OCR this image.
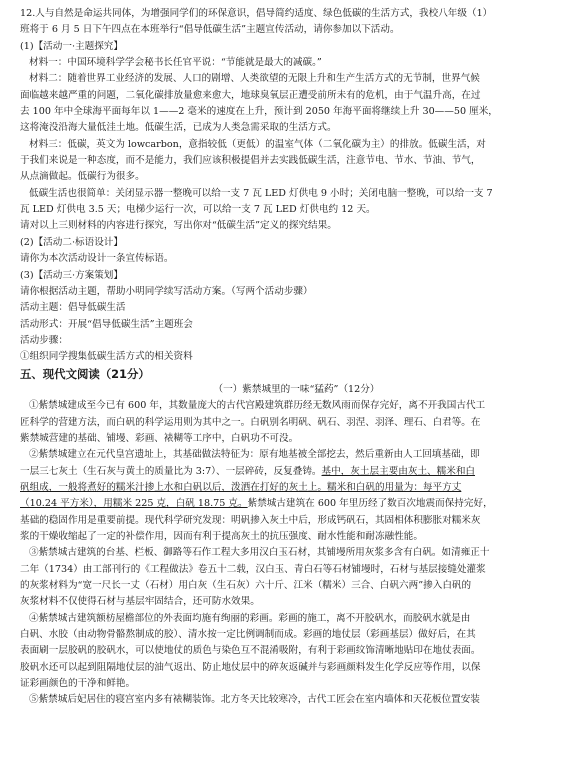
12.人与自然是命运共同体，为增强同学们的环保意识，倡导简约适度、绿色低碳的生活方式，我校八年级（1）
班将于 6 月 5 日下午四点在本班举行“倡导低碳生活”主题宣传活动，请你参加以下活动。
(1)【活动一·主题探究】
材料一：中国环境科学学会秘书长任官平说：“节能就是最大的减碳。”
材料二：随着世界工业经济的发展、人口的剧增、人类欲望的无限上升和生产生活方式的无节制，世界气候
面临越来越严重的问题，二氧化碳排放量愈来愈大，地球臭氧层正遭受前所未有的危机，由于气温升高，在过
去 100 年中全球海平面每年以 1——2 毫米的速度在上升，预计到 2050 年海平面将继续上升 30——50 厘米，
这将淹没沿海大量低洼土地。低碳生活，已成为人类急需采取的生活方式。
材料三：低碳，英文为 lowcarbon，意指较低（更低）的温室气体（二氧化碳为主）的排放。低碳生活，对
于我们来说是一种态度，而不是能力，我们应该积极提倡并去实践低碳生活，注意节电、节水、节油、节气，
从点滴做起。低碳行为很多。
低碳生活也很简单：关闭显示器一整晚可以给一支 7 瓦 LED 灯供电 9 小时；关闭电脑一整晚，可以给一支 7
瓦 LED 灯供电 3.5 天；电梯少运行一次，可以给一支 7 瓦 LED 灯供电约 12 天。
请对以上三则材料的内容进行探究，写出你对“低碳生活”定义的探究结果。
(2)【活动二·标语设计】
请你为本次活动设计一条宣传标语。
(3)【活动三·方案策划】
请你根据活动主题，帮助小明同学续写活动方案。（写两个活动步骤）
活动主题：倡导低碳生活
活动形式：开展“倡导低碳生活”主题班会
活动步骤：
①组织同学搜集低碳生活方式的相关资料
五、现代文阅读（21分）
（一）紫禁城里的一味“猛药”（12分）
①紫禁城建成至今已有 600 年，其数量庞大的古代宫殿建筑群历经无数风雨而保存完好，离不开我国古代工
匠科学的营建方法，而白矾的科学运用则为其中之一。白矾别名明矾、矾石、羽涅、羽泽、理石、白君等。在
紫禁城营建的基础、铺墁、彩画、裱糊等工序中，白矾功不可没。
②紫禁城建立在元代皇宫遗址上，其基础做法特征为：原有地基被全部挖去，然后重新由人工回填基础，即
一层三七灰土（生石灰与黄土的质量比为 3:7）、一层碎砖，反复叠铸。基中，灰土层主要由灰土、糯米和白
矾组成，一般将煮好的糯米汁掺上水和白矾以后，泼洒在打好的灰土上。糯米和白矾的用量为：每平方丈
（10.24 平方米），用糯米 225 克，白矾 18.75 克。紫禁城古建筑在 600 年里历经了数百次地震而保持完好，
基础的稳固作用是重要前提。现代科学研究发现：明矾掺入灰土中后，形成钙矾石，其固相体积膨胀对糯米灰
浆的干燥收缩起了一定的补偿作用，因而有利于提高灰土的抗压强度、耐水性能和耐冻融性能。
③紫禁城古建筑的台基、栏板、御路等石作工程大多用汉白玉石材，其铺墁所用灰浆多含有白矾。如清雍正十
二年（1734）由工部刊行的《工程做法》卷五十二载，汉白玉、青白石等石材铺墁时，石材与基层接缝处灌浆
的灰浆材料为“宽一尺长一丈（石材）用白灰（生石灰）六十斤、江米（糯米）三合、白矾六两”掺入白矾的
灰浆材料不仅使得石材与基层牢固结合，还可防水效果。
④紫禁城古建筑额枋屋檐部位的外表面均施有绚丽的彩画。彩画的施工，离不开胶矾水，而胶矾水就是由
白矾、水胶（由动物骨骼熬制成的胶）、清水按一定比例调制而成。彩画的地仗层（彩画基层）做好后，在其
表面刷一层胶矾的胶矾水，可以使地仗的质色与染色互不混淆吸附，有利于彩画纹饰清晰地贴印在地仗表面。
胶矾水还可以起到阻隔地仗层的油气返出、防止地仗层中的碎灰返碱并与彩画颜料发生化学反应等作用，以保
证彩画颜色的干净和鲜艳。
⑤紫禁城后妃居住的寝宫室内多有裱糊装饰。北方冬天比较寒冷，古代工匠会在室内墙体和天花板位置安装
